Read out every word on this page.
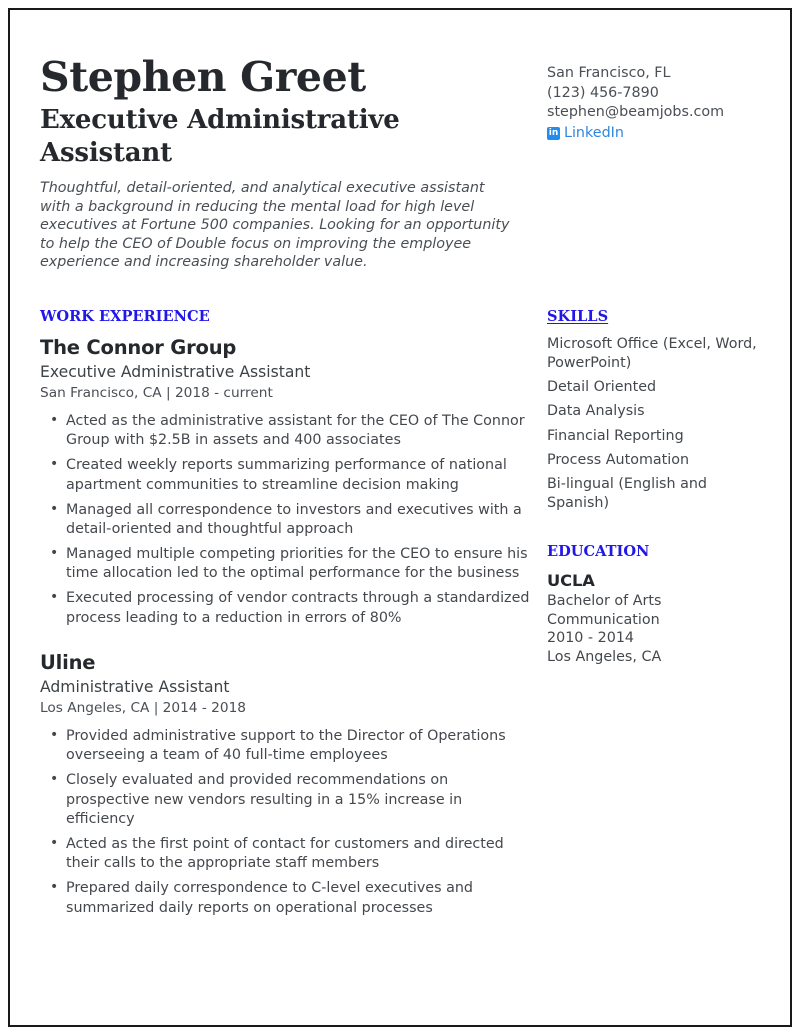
Stephen Greet
Executive Administrative Assistant

Thoughtful, detail-oriented, and analytical executive assistant with a background in reducing the mental load for high level executives at Fortune 500 companies. Looking for an opportunity to help the CEO of Double focus on improving the employee experience and increasing shareholder value.

San Francisco, FL
(123) 456-7890
stephen@beamjobs.com
in LinkedIn
WORK EXPERIENCE
The Connor Group
Executive Administrative Assistant
San Francisco, CA | 2018 - current
• Acted as the administrative assistant for the CEO of The Connor Group with $2.5B in assets and 400 associates
• Created weekly reports summarizing performance of national apartment communities to streamline decision making
• Managed all correspondence to investors and executives with a detail-oriented and thoughtful approach
• Managed multiple competing priorities for the CEO to ensure his time allocation led to the optimal performance for the business
• Executed processing of vendor contracts through a standardized process leading to a reduction in errors of 80%
Uline
Administrative Assistant
Los Angeles, CA | 2014 - 2018
• Provided administrative support to the Director of Operations overseeing a team of 40 full-time employees
• Closely evaluated and provided recommendations on prospective new vendors resulting in a 15% increase in efficiency
• Acted as the first point of contact for customers and directed their calls to the appropriate staff members
• Prepared daily correspondence to C-level executives and summarized daily reports on operational processes
SKILLS
Microsoft Office (Excel, Word, PowerPoint)
Detail Oriented
Data Analysis
Financial Reporting
Process Automation
Bi-lingual (English and Spanish)
EDUCATION
UCLA
Bachelor of Arts
Communication
2010 - 2014
Los Angeles, CA
